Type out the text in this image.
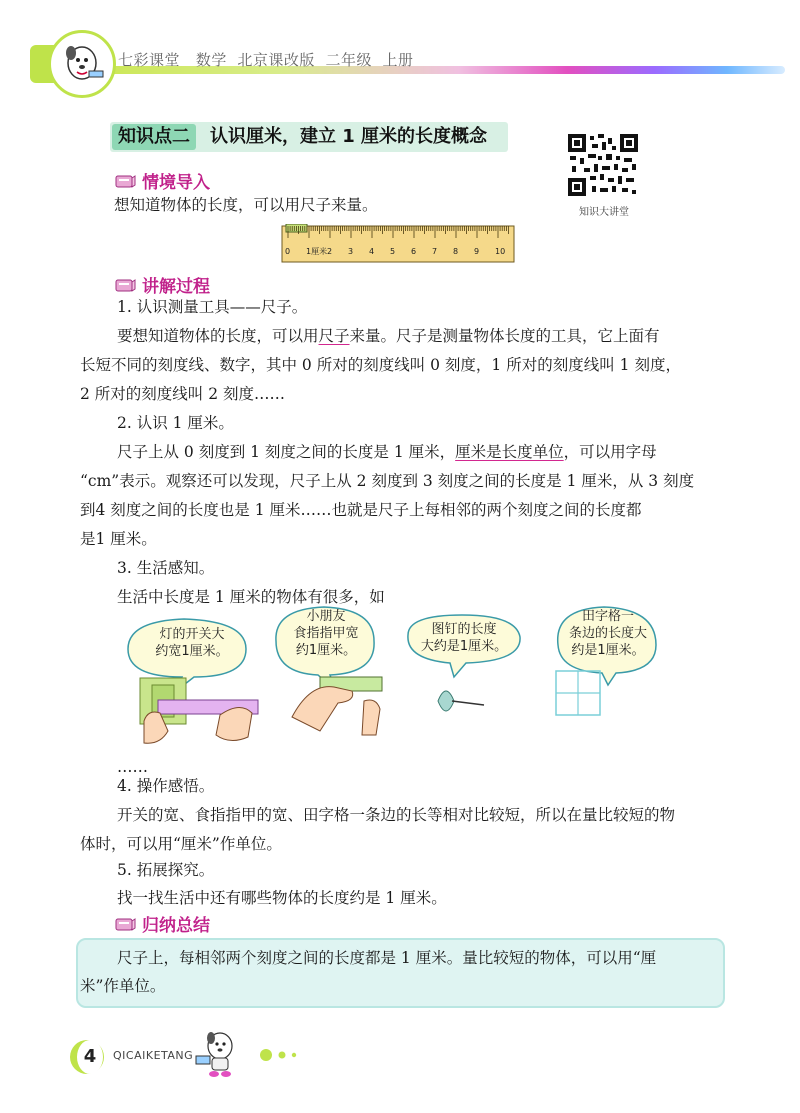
七彩课堂 数学 北京课改版 二年级 上册
知识点二	认识厘米，建立 1 厘米的长度概念
知识大讲堂
情境导入
想知道物体的长度，可以用尺子来量。
0 1厘米 2 3 4 5 6 7 8 9 10
讲解过程
1. 认识测量工具——尺子。
要想知道物体的长度，可以用尺子来量。尺子是测量物体长度的工具，它上面有
长短不同的刻度线、数字，其中 0 所对的刻度线叫 0 刻度，1 所对的刻度线叫 1 刻度，
2 所对的刻度线叫 2 刻度……
2. 认识 1 厘米。
尺子上从 0 刻度到 1 刻度之间的长度是 1 厘米，厘米是长度单位，可以用字母
“cm”表示。观察还可以发现，尺子上从 2 刻度到 3 刻度之间的长度是 1 厘米，从 3 刻度
到4 刻度之间的长度也是 1 厘米……也就是尺子上每相邻的两个刻度之间的长度都
是1 厘米。
3. 生活感知。
生活中长度是 1 厘米的物体有很多，如
灯的开关大
约宽1厘米。
小朋友
食指指甲宽
约1厘米。
图钉的长度
大约是1厘米。
田字格一
条边的长度大
约是1厘米。
……
4. 操作感悟。
开关的宽、食指指甲的宽、田字格一条边的长等相对比较短，所以在量比较短的物
体时，可以用“厘米”作单位。
5. 拓展探究。
找一找生活中还有哪些物体的长度约是 1 厘米。
归纳总结
尺子上，每相邻两个刻度之间的长度都是 1 厘米。量比较短的物体，可以用“厘
米”作单位。
4	QICAIKETANG
